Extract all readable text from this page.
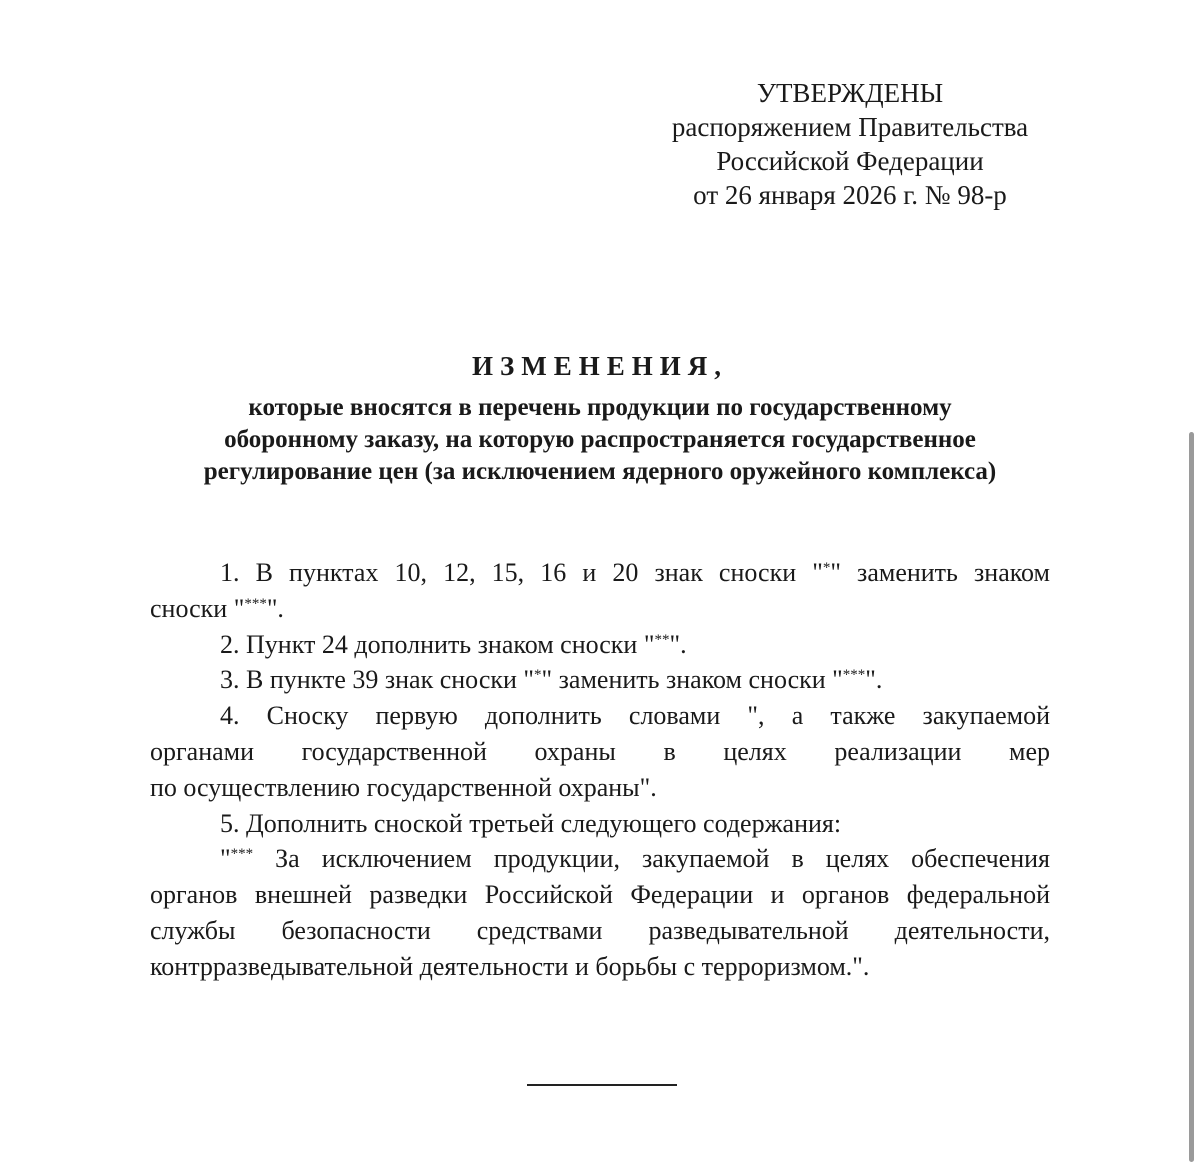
УТВЕРЖДЕНЫ
распоряжением Правительства
Российской Федерации
от 26 января 2026 г. № 98-р
ИЗМЕНЕНИЯ,
которые вносятся в перечень продукции по государственному
оборонному заказу, на которую распространяется государственное
регулирование цен (за исключением ядерного оружейного комплекса)
1. В пунктах 10, 12, 15, 16 и 20 знак сноски "*" заменить знаком
сноски "***".
2. Пункт 24 дополнить знаком сноски "**".
3. В пункте 39 знак сноски "*" заменить знаком сноски "***".
4. Сноску первую дополнить словами ", а также закупаемой
органами государственной охраны в целях реализации мер
по осуществлению государственной охраны".
5. Дополнить сноской третьей следующего содержания:
"*** За исключением продукции, закупаемой в целях обеспечения
органов внешней разведки Российской Федерации и органов федеральной
службы безопасности средствами разведывательной деятельности,
контрразведывательной деятельности и борьбы с терроризмом.".
